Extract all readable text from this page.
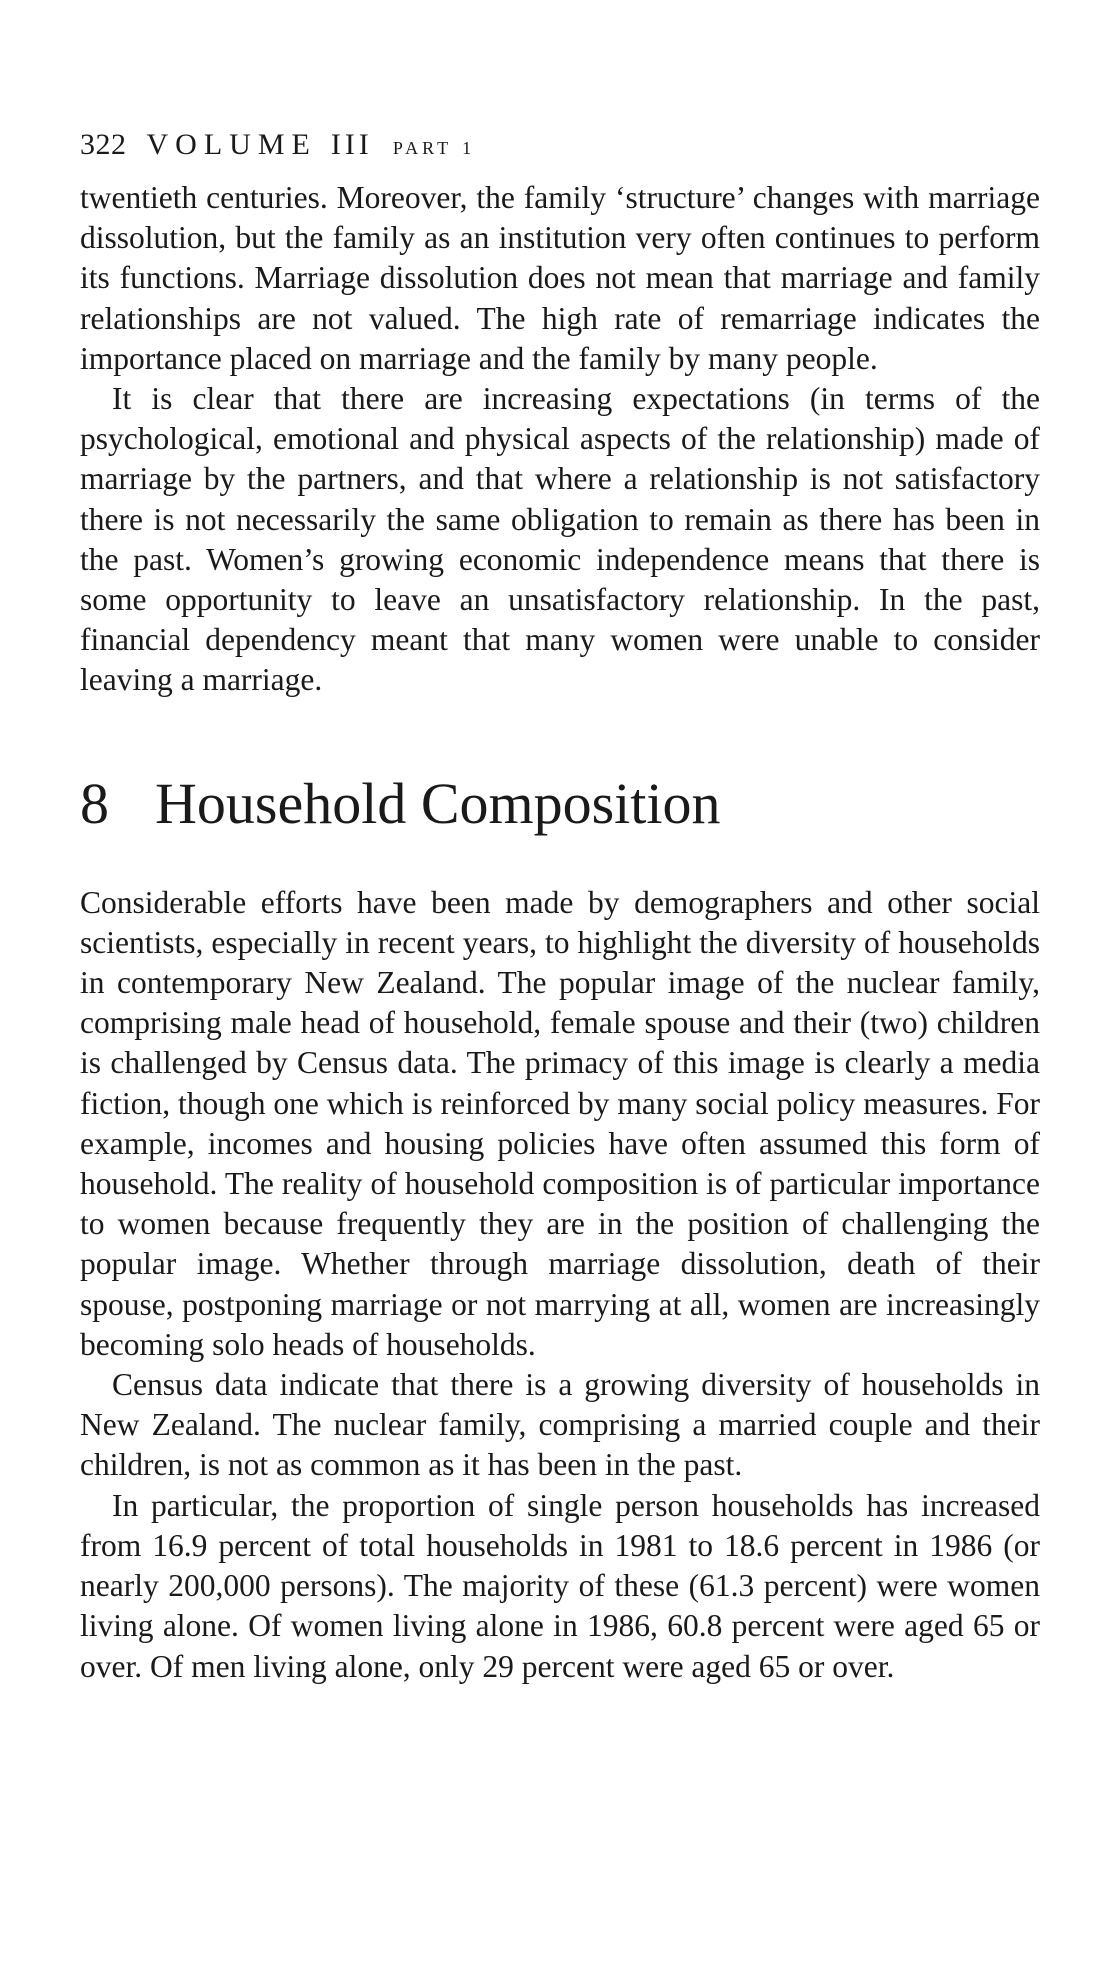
322 VOLUME III PART 1

twentieth centuries. Moreover, the family ‘structure’ changes with marriage dissolution, but the family as an institution very often continues to perform its functions. Marriage dissolution does not mean that marriage and family relationships are not valued. The high rate of remarriage indicates the importance placed on marriage and the family by many people.

It is clear that there are increasing expectations (in terms of the psychological, emotional and physical aspects of the relationship) made of marriage by the partners, and that where a relationship is not satisfactory there is not necessarily the same obligation to remain as there has been in the past. Women’s growing economic independence means that there is some opportunity to leave an unsatisfactory relationship. In the past, financial dependency meant that many women were unable to consider leaving a marriage.

8 Household Composition

Considerable efforts have been made by demographers and other social scientists, especially in recent years, to highlight the diversity of households in contemporary New Zealand. The popular image of the nuclear family, comprising male head of household, female spouse and their (two) children is challenged by Census data. The primacy of this image is clearly a media fiction, though one which is reinforced by many social policy measures. For example, incomes and housing policies have often assumed this form of household. The reality of household composition is of particular importance to women because frequently they are in the position of challenging the popular image. Whether through marriage dissolution, death of their spouse, postponing marriage or not marrying at all, women are increasingly becoming solo heads of households.

Census data indicate that there is a growing diversity of households in New Zealand. The nuclear family, comprising a married couple and their children, is not as common as it has been in the past.

In particular, the proportion of single person households has increased from 16.9 percent of total households in 1981 to 18.6 percent in 1986 (or nearly 200,000 persons). The majority of these (61.3 percent) were women living alone. Of women living alone in 1986, 60.8 percent were aged 65 or over. Of men living alone, only 29 percent were aged 65 or over.
